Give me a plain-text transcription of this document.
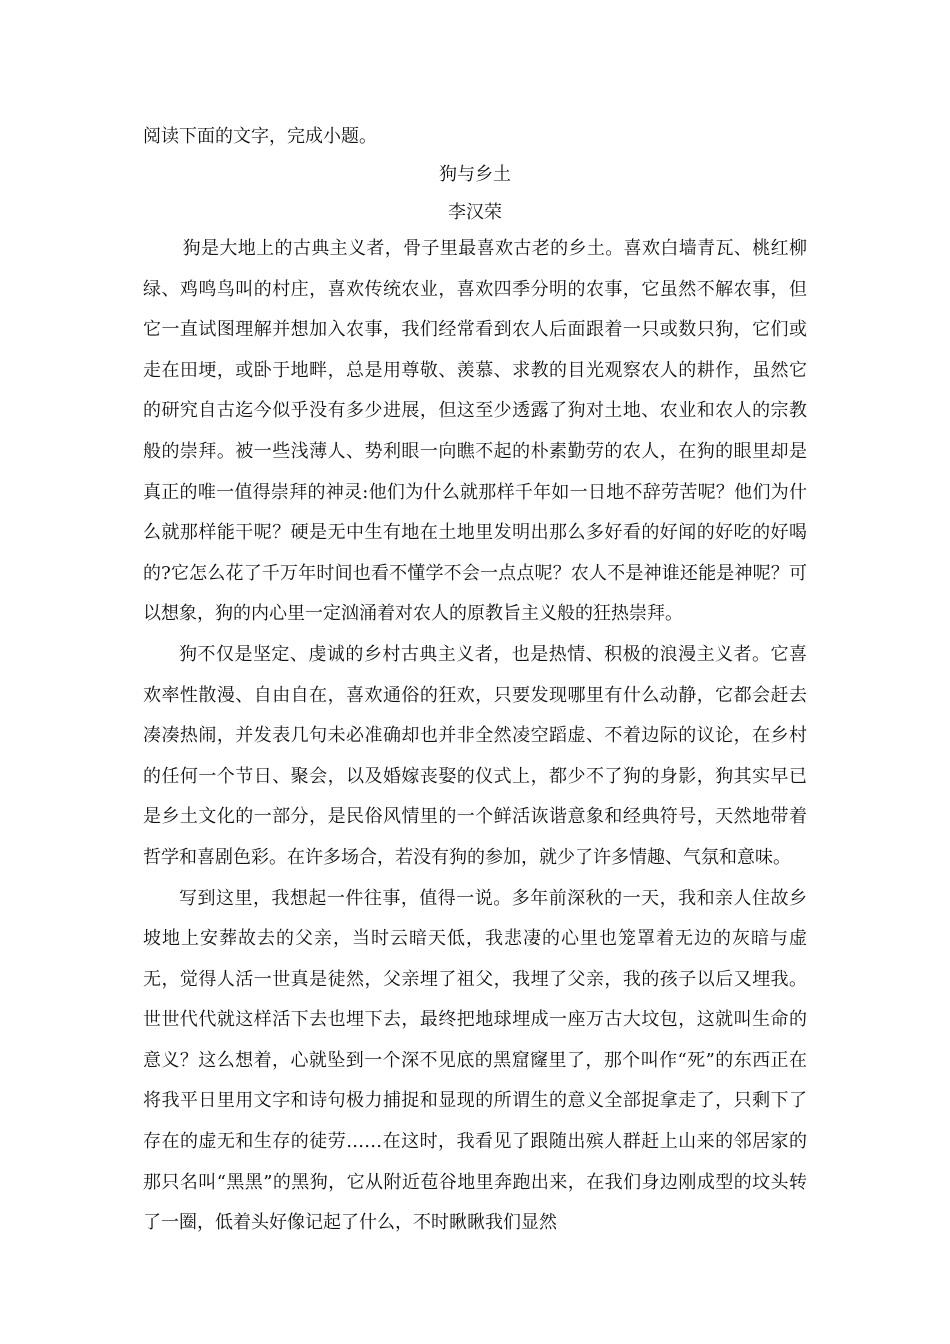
阅读下面的文字，完成小题。
狗与乡土
李汉荣

狗是大地上的古典主义者，骨子里最喜欢古老的乡土。喜欢白墙青瓦、桃红柳绿、鸡鸣鸟叫的村庄，喜欢传统农业，喜欢四季分明的农事，它虽然不解农事，但它一直试图理解并想加入农事，我们经常看到农人后面跟着一只或数只狗，它们或走在田埂，或卧于地畔，总是用尊敬、羡慕、求教的目光观察农人的耕作，虽然它的研究自古迄今似乎没有多少进展，但这至少透露了狗对土地、农业和农人的宗教般的崇拜。被一些浅薄人、势利眼一向瞧不起的朴素勤劳的农人，在狗的眼里却是真正的唯一值得崇拜的神灵:他们为什么就那样千年如一日地不辞劳苦呢？他们为什么就那样能干呢？硬是无中生有地在土地里发明出那么多好看的好闻的好吃的好喝的?它怎么花了千万年时间也看不懂学不会一点点呢？农人不是神谁还能是神呢？可以想象，狗的内心里一定汹涌着对农人的原教旨主义般的狂热崇拜。

狗不仅是坚定、虔诚的乡村古典主义者，也是热情、积极的浪漫主义者。它喜欢率性散漫、自由自在，喜欢通俗的狂欢，只要发现哪里有什么动静，它都会赶去凑凑热闹，并发表几句未必准确却也并非全然凌空蹈虚、不着边际的议论，在乡村的任何一个节日、聚会，以及婚嫁丧娶的仪式上，都少不了狗的身影，狗其实早已是乡土文化的一部分，是民俗风情里的一个鲜活诙谐意象和经典符号，天然地带着哲学和喜剧色彩。在许多场合，若没有狗的参加，就少了许多情趣、气氛和意味。

写到这里，我想起一件往事，值得一说。多年前深秋的一天，我和亲人住故乡坡地上安葬故去的父亲，当时云暗天低，我悲凄的心里也笼罩着无边的灰暗与虚无，觉得人活一世真是徒然，父亲埋了祖父，我埋了父亲，我的孩子以后又埋我。世世代代就这样活下去也埋下去，最终把地球埋成一座万古大坟包，这就叫生命的意义？这么想着，心就坠到一个深不见底的黑窟窿里了，那个叫作“死”的东西正在将我平日里用文字和诗句极力捕捉和显现的所谓生的意义全部捉拿走了，只剩下了存在的虚无和生存的徒劳……在这时，我看见了跟随出殡人群赶上山来的邻居家的那只名叫“黑黑”的黑狗，它从附近苞谷地里奔跑出来，在我们身边刚成型的坟头转了一圈，低着头好像记起了什么，不时瞅瞅我们显然
